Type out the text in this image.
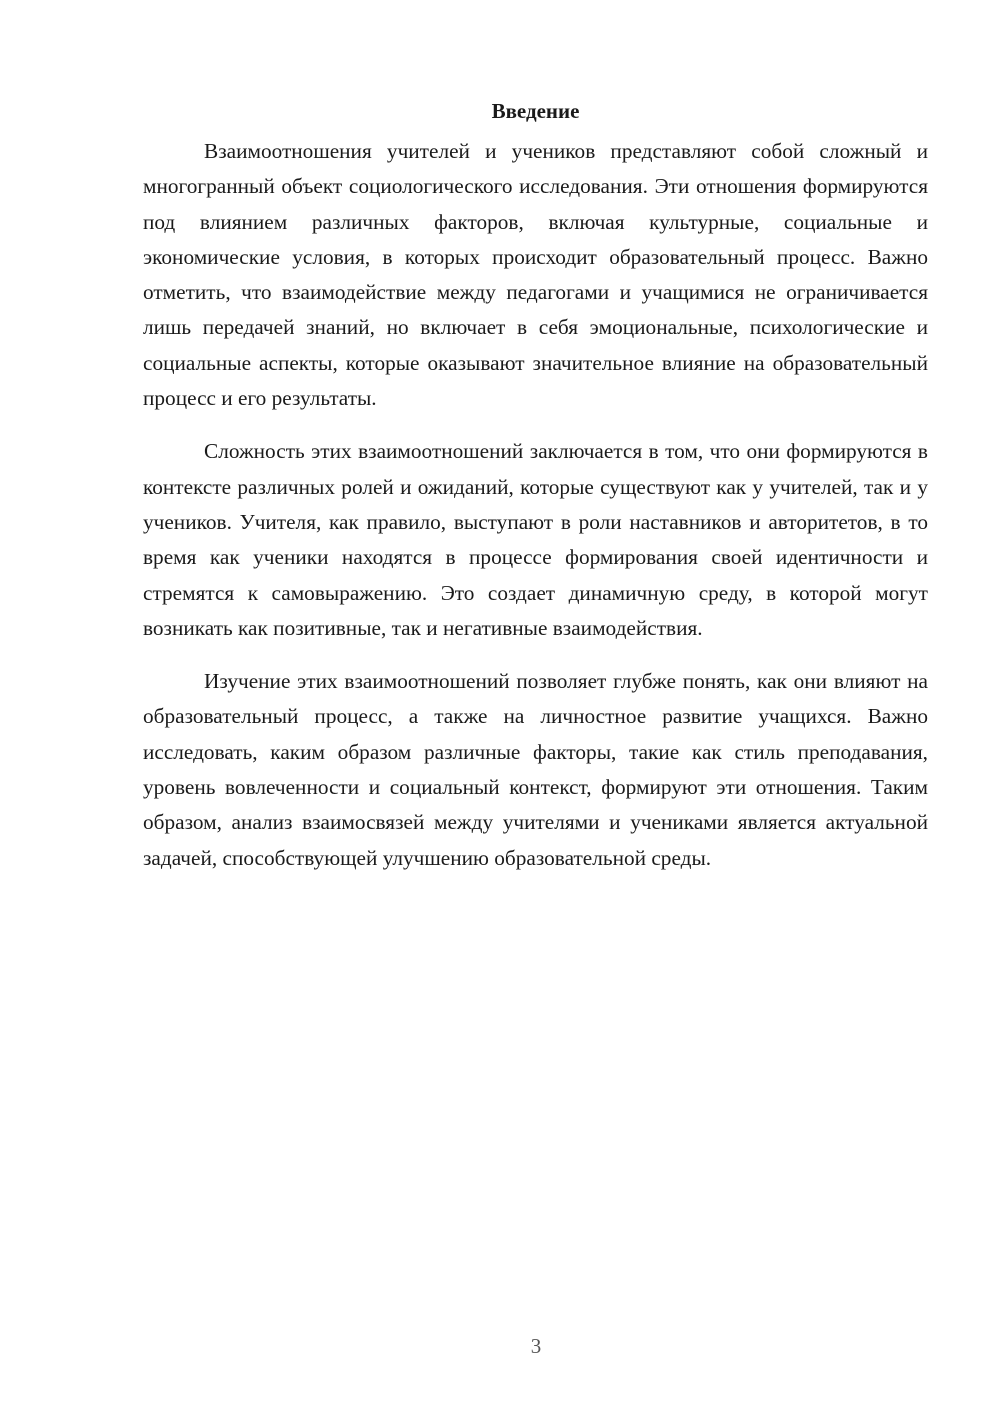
Введение

Взаимоотношения учителей и учеников представляют собой сложный и многогранный объект социологического исследования. Эти отношения формируются под влиянием различных факторов, включая культурные, социальные и экономические условия, в которых происходит образовательный процесс. Важно отметить, что взаимодействие между педагогами и учащимися не ограничивается лишь передачей знаний, но включает в себя эмоциональные, психологические и социальные аспекты, которые оказывают значительное влияние на образовательный процесс и его результаты.

Сложность этих взаимоотношений заключается в том, что они формируются в контексте различных ролей и ожиданий, которые существуют как у учителей, так и у учеников. Учителя, как правило, выступают в роли наставников и авторитетов, в то время как ученики находятся в процессе формирования своей идентичности и стремятся к самовыражению. Это создает динамичную среду, в которой могут возникать как позитивные, так и негативные взаимодействия.

Изучение этих взаимоотношений позволяет глубже понять, как они влияют на образовательный процесс, а также на личностное развитие учащихся. Важно исследовать, каким образом различные факторы, такие как стиль преподавания, уровень вовлеченности и социальный контекст, формируют эти отношения. Таким образом, анализ взаимосвязей между учителями и учениками является актуальной задачей, способствующей улучшению образовательной среды.

3
